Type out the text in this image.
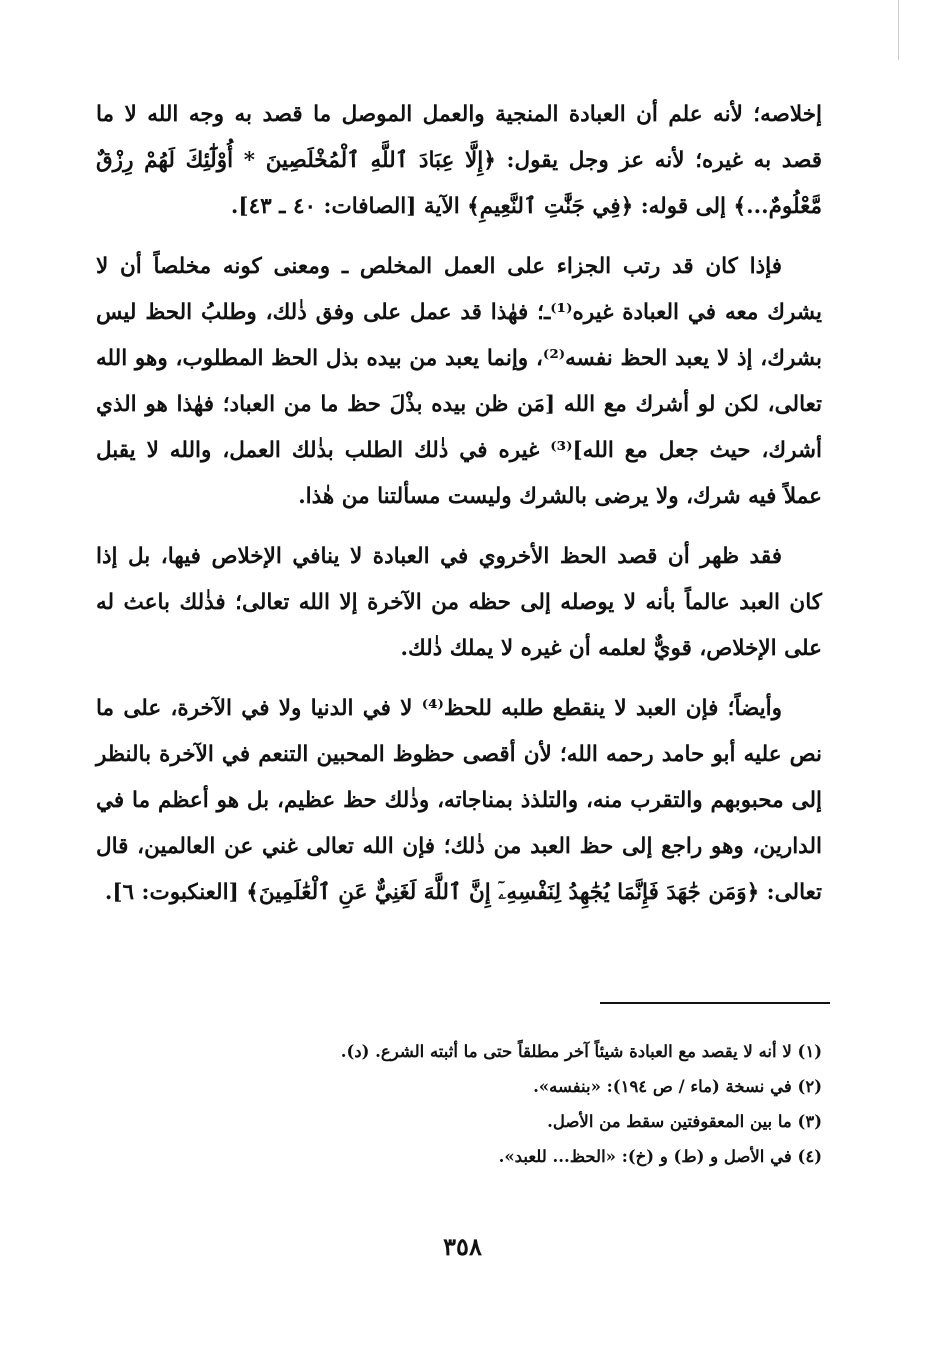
إخلاصه؛ لأنه علم أن العبادة المنجية والعمل الموصل ما قصد به وجه الله لا ما قصد به غيره؛ لأنه عز وجل يقول: ﴿إِلَّا عِبَادَ ٱللَّهِ ٱلْمُخْلَصِينَ * أُوْلَٰٓئِكَ لَهُمْ رِزْقٌ مَّعْلُومٌ...﴾ إلى قوله: ﴿فِي جَنَّٰتِ ٱلنَّعِيمِ﴾ الآية [الصافات: ٤٠ ـ ٤٣].

فإذا كان قد رتب الجزاء على العمل المخلص ـ ومعنى كونه مخلصاً أن لا يشرك معه في العبادة غيره⁽¹⁾ـ؛ فهٰذا قد عمل على وفق ذٰلك، وطلبُ الحظ ليس بشرك، إذ لا يعبد الحظ نفسه⁽²⁾، وإنما يعبد من بيده بذل الحظ المطلوب، وهو الله تعالى، لكن لو أشرك مع الله [مَن ظن بيده بذْلَ حظ ما من العباد؛ فهٰذا هو الذي أشرك، حيث جعل مع الله]⁽³⁾ غيره في ذٰلك الطلب بذٰلك العمل، والله لا يقبل عملاً فيه شرك، ولا يرضى بالشرك وليست مسألتنا من هٰذا.

فقد ظهر أن قصد الحظ الأخروي في العبادة لا ينافي الإخلاص فيها، بل إذا كان العبد عالماً بأنه لا يوصله إلى حظه من الآخرة إلا الله تعالى؛ فذٰلك باعث له على الإخلاص، قويٌّ لعلمه أن غيره لا يملك ذٰلك.

وأيضاً؛ فإن العبد لا ينقطع طلبه للحظ⁽⁴⁾ لا في الدنيا ولا في الآخرة، على ما نص عليه أبو حامد رحمه الله؛ لأن أقصى حظوظ المحبين التنعم في الآخرة بالنظر إلى محبوبهم والتقرب منه، والتلذذ بمناجاته، وذٰلك حظ عظيم، بل هو أعظم ما في الدارين، وهو راجع إلى حظ العبد من ذٰلك؛ فإن الله تعالى غني عن العالمين، قال تعالى: ﴿وَمَن جَٰهَدَ فَإِنَّمَا يُجَٰهِدُ لِنَفْسِهِۦٓ إِنَّ ٱللَّهَ لَغَنِيٌّ عَنِ ٱلْعَٰلَمِينَ﴾ [العنكبوت: ٦].

(١) لا أنه لا يقصد مع العبادة شيئاً آخر مطلقاً حتى ما أثبته الشرع. (د).

(٢) في نسخة (ماء / ص ١٩٤): «بنفسه».

(٣) ما بين المعقوفتين سقط من الأصل.

(٤) في الأصل و (ط) و (خ): «الحظ... للعبد».

٣٥٨
